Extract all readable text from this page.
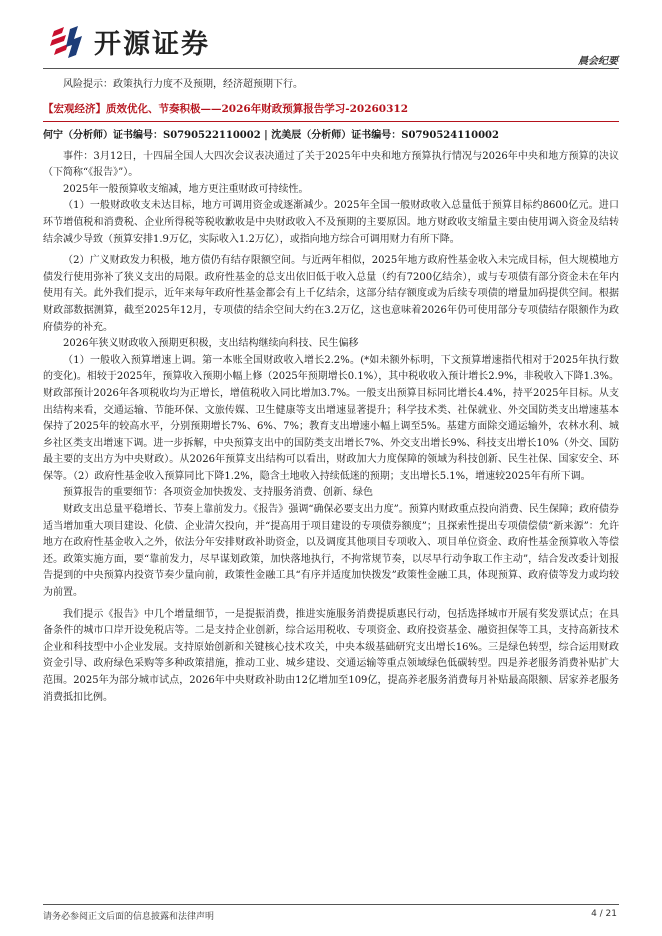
开源证券
晨会纪要

风险提示：政策执行力度不及预期，经济超预期下行。

【宏观经济】质效优化、节奏积极——2026年财政预算报告学习-20260312
何宁（分析师）证书编号：S0790522110002 | 沈美辰（分析师）证书编号：S0790524110002

事件：3月12日，十四届全国人大四次会议表决通过了关于2025年中央和地方预算执行情况与2026年中央和地方预算的决议（下简称“《报告》”）。

2025年一般预算收支缩减，地方更注重财政可持续性。

（1）一般财政收支未达目标，地方可调用资金或逐渐减少。2025年全国一般财政收入总量低于预算目标约8600亿元。进口环节增值税和消费税、企业所得税等税收歉收是中央财政收入不及预期的主要原因。地方财政收支缩量主要由使用调入资金及结转结余减少导致（预算安排1.9万亿，实际收入1.2万亿），或指向地方综合可调用财力有所下降。

（2）广义财政发力积极，地方债仍有结存限额空间。与近两年相似，2025年地方政府性基金收入未完成目标，但大规模地方债发行使用弥补了狭义支出的局限。政府性基金的总支出依旧低于收入总量（约有7200亿结余），或与专项债有部分资金未在年内使用有关。此外我们提示，近年来每年政府性基金都会有上千亿结余，这部分结存额度或为后续专项债的增量加码提供空间。根据财政部数据测算，截至2025年12月，专项债的结余空间大约在3.2万亿，这也意味着2026年仍可使用部分专项债结存限额作为政府债券的补充。

2026年狭义财政收入预期更积极，支出结构继续向科技、民生偏移

（1）一般收入预算增速上调。第一本账全国财政收入增长2.2%。(*如未额外标明，下文预算增速指代相对于2025年执行数的变化)。相较于2025年，预算收入预期小幅上修（2025年预期增长0.1%），其中税收收入预计增长2.9%，非税收入下降1.3%。财政部预计2026年各项税收均为正增长，增值税收入同比增加3.7%。一般支出预算目标同比增长4.4%，持平2025年目标。从支出结构来看，交通运输、节能环保、文旅传媒、卫生健康等支出增速显著提升；科学技术类、社保就业、外交国防类支出增速基本保持了2025年的较高水平，分别预期增长7%、6%、7%；教育支出增速小幅上调至5%。基建方面除交通运输外，农林水利、城乡社区类支出增速下调。进一步拆解，中央预算支出中的国防类支出增长7%、外交支出增长9%、科技支出增长10%（外交、国防最主要的支出方为中央财政）。从2026年预算支出结构可以看出，财政加大力度保障的领域为科技创新、民生社保、国家安全、环保等。（2）政府性基金收入预算同比下降1.2%，隐含土地收入持续低迷的预期；支出增长5.1%，增速较2025年有所下调。

预算报告的重要细节：各项资金加快拨发、支持服务消费、创新、绿色

财政支出总量平稳增长、节奏上靠前发力。《报告》强调“确保必要支出力度”。预算内财政重点投向消费、民生保障；政府债券适当增加重大项目建设、化债、企业清欠投向，并“提高用于项目建设的专项债券额度”；且探索性提出专项债偿债“新来源”：允许地方在政府性基金收入之外，依法分年安排财政补助资金，以及调度其他项目专项收入、项目单位资金、政府性基金预算收入等偿还。政策实施方面，要“靠前发力，尽早谋划政策，加快落地执行，不拘常规节奏，以尽早行动争取工作主动”，结合发改委计划报告提到的中央预算内投资节奏少量向前，政策性金融工具“有序并适度加快拨发”政策性金融工具，体现预算、政府债等发力或均较为前置。

我们提示《报告》中几个增量细节，一是提振消费，推进实施服务消费提质惠民行动，包括选择城市开展有奖发票试点；在具备条件的城市口岸开设免税店等。二是支持企业创新，综合运用税收、专项资金、政府投资基金、融资担保等工具，支持高新技术企业和科技型中小企业发展。支持原始创新和关键核心技术攻关，中央本级基础研究支出增长16%。三是绿色转型，综合运用财政资金引导、政府绿色采购等多种政策措施，推动工业、城乡建设、交通运输等重点领域绿色低碳转型。四是养老服务消费补贴扩大范围。2025年为部分城市试点，2026年中央财政补助由12亿增加至109亿，提高养老服务消费每月补贴最高限额、居家养老服务消费抵扣比例。

请务必参阅正文后面的信息披露和法律声明	4 / 21
